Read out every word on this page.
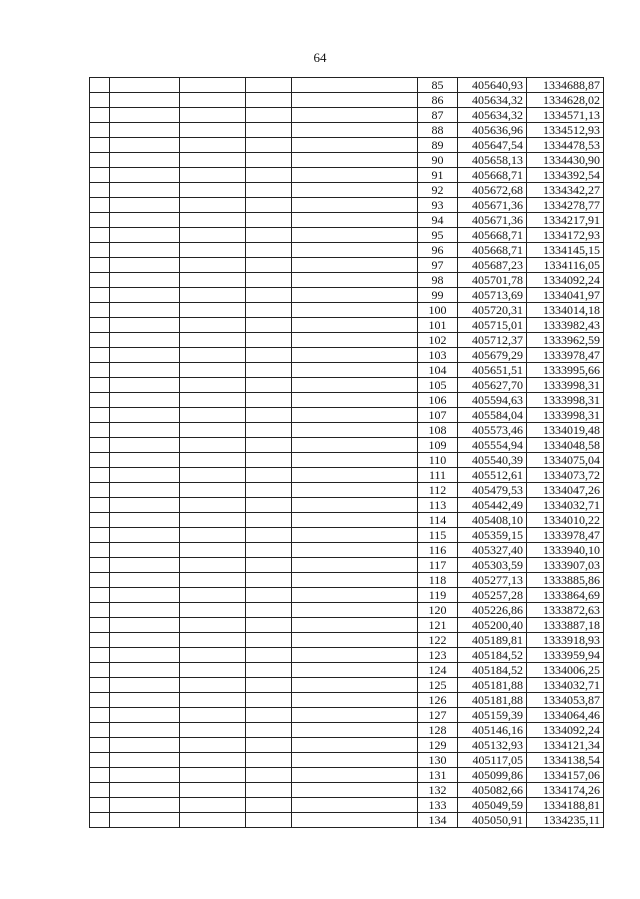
64
					85	405640,93	1334688,87
					86	405634,32	1334628,02
					87	405634,32	1334571,13
					88	405636,96	1334512,93
					89	405647,54	1334478,53
					90	405658,13	1334430,90
					91	405668,71	1334392,54
					92	405672,68	1334342,27
					93	405671,36	1334278,77
					94	405671,36	1334217,91
					95	405668,71	1334172,93
					96	405668,71	1334145,15
					97	405687,23	1334116,05
					98	405701,78	1334092,24
					99	405713,69	1334041,97
					100	405720,31	1334014,18
					101	405715,01	1333982,43
					102	405712,37	1333962,59
					103	405679,29	1333978,47
					104	405651,51	1333995,66
					105	405627,70	1333998,31
					106	405594,63	1333998,31
					107	405584,04	1333998,31
					108	405573,46	1334019,48
					109	405554,94	1334048,58
					110	405540,39	1334075,04
					111	405512,61	1334073,72
					112	405479,53	1334047,26
					113	405442,49	1334032,71
					114	405408,10	1334010,22
					115	405359,15	1333978,47
					116	405327,40	1333940,10
					117	405303,59	1333907,03
					118	405277,13	1333885,86
					119	405257,28	1333864,69
					120	405226,86	1333872,63
					121	405200,40	1333887,18
					122	405189,81	1333918,93
					123	405184,52	1333959,94
					124	405184,52	1334006,25
					125	405181,88	1334032,71
					126	405181,88	1334053,87
					127	405159,39	1334064,46
					128	405146,16	1334092,24
					129	405132,93	1334121,34
					130	405117,05	1334138,54
					131	405099,86	1334157,06
					132	405082,66	1334174,26
					133	405049,59	1334188,81
					134	405050,91	1334235,11
